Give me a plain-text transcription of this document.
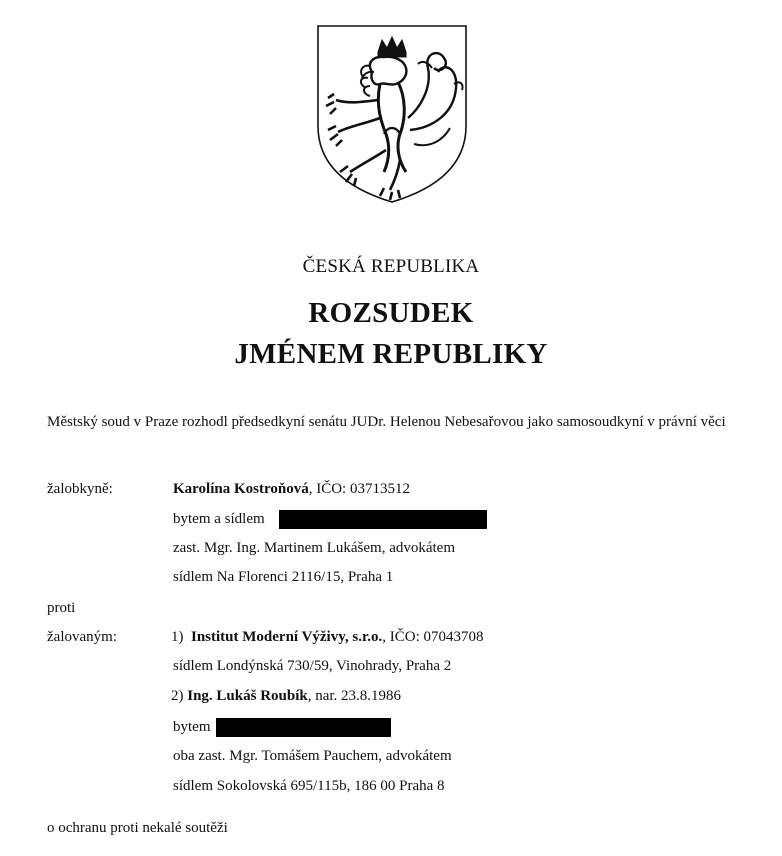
ČESKÁ REPUBLIKA
ROZSUDEK
JMÉNEM REPUBLIKY
Městský soud v Praze rozhodl předsedkyní senátu JUDr. Helenou Nebesařovou jako samosoudkyní v právní věci
žalobkyně:	Karolína Kostroňová, IČO: 03713512
bytem a sídlem
zast. Mgr. Ing. Martinem Lukášem, advokátem
sídlem Na Florenci 2116/15, Praha 1
proti
žalovaným:	1) Institut Moderní Výživy, s.r.o., IČO: 07043708
sídlem Londýnská 730/59, Vinohrady, Praha 2
2) Ing. Lukáš Roubík, nar. 23.8.1986
bytem
oba zast. Mgr. Tomášem Pauchem, advokátem
sídlem Sokolovská 695/115b, 186 00 Praha 8
o ochranu proti nekalé soutěži
